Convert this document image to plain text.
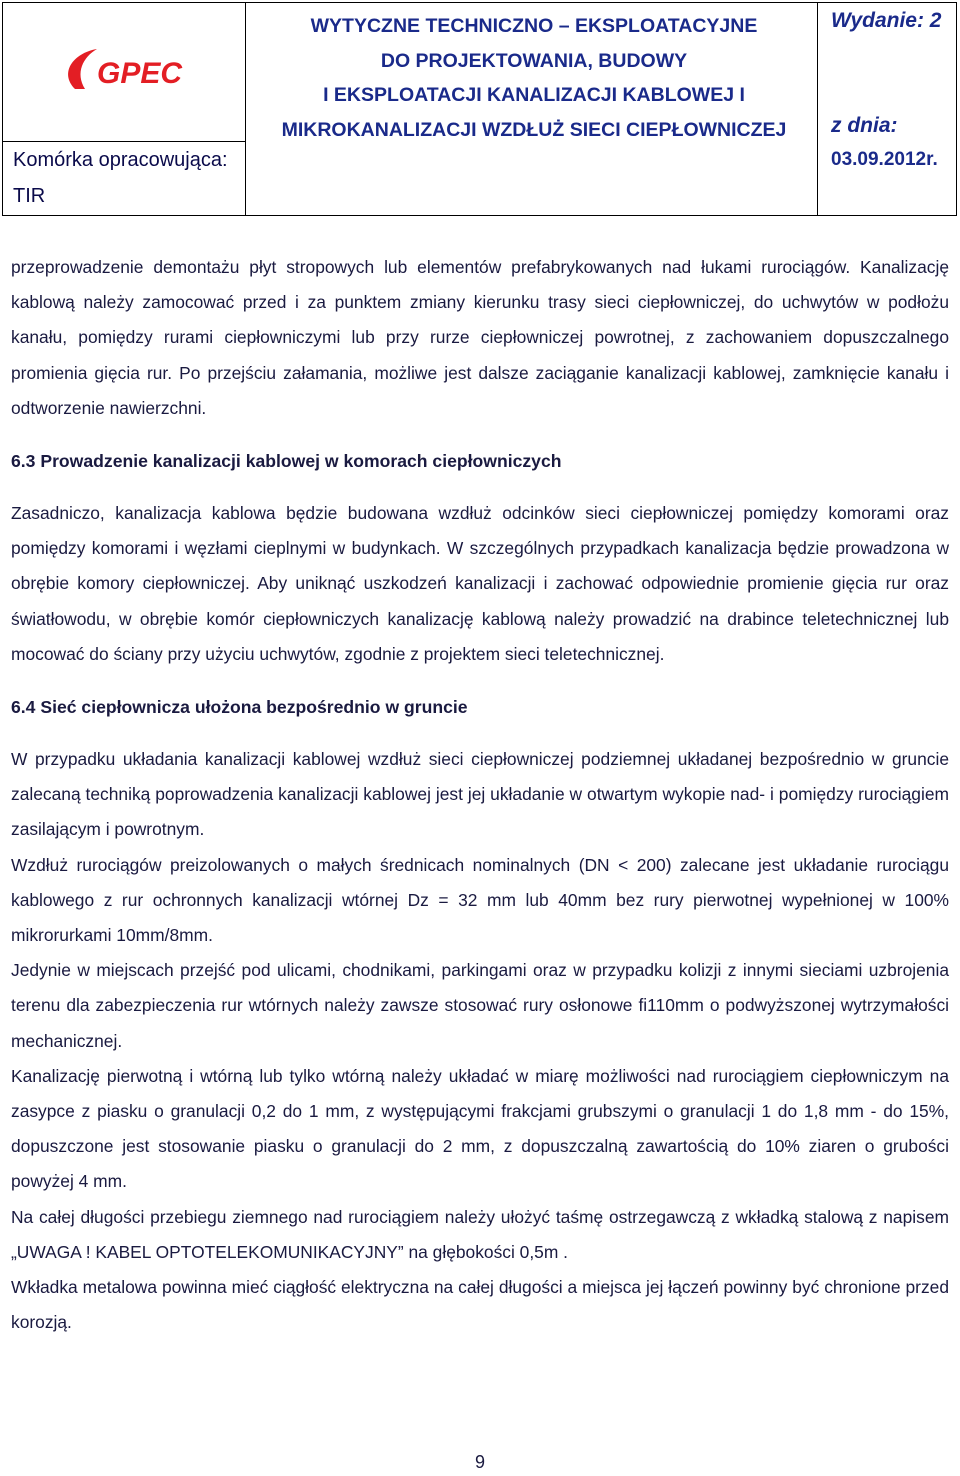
GPEC
Komórka opracowująca:
TIR
WYTYCZNE TECHNICZNO – EKSPLOATACYJNE
DO PROJEKTOWANIA, BUDOWY
I EKSPLOATACJI KANALIZACJI KABLOWEJ I
MIKROKANALIZACJI WZDŁUŻ SIECI CIEPŁOWNICZEJ
Wydanie: 2
z dnia:
03.09.2012r.

przeprowadzenie demontażu płyt stropowych lub elementów prefabrykowanych nad łukami rurociągów. Kanalizację kablową należy zamocować przed i za punktem zmiany kierunku trasy sieci ciepłowniczej, do uchwytów w podłożu kanału, pomiędzy rurami ciepłowniczymi lub przy rurze ciepłowniczej powrotnej, z zachowaniem dopuszczalnego promienia gięcia rur. Po przejściu załamania, możliwe jest dalsze zaciąganie kanalizacji kablowej, zamknięcie kanału i odtworzenie nawierzchni.

6.3 Prowadzenie kanalizacji kablowej w komorach ciepłowniczych

Zasadniczo, kanalizacja kablowa będzie budowana wzdłuż odcinków sieci ciepłowniczej pomiędzy komorami oraz pomiędzy komorami i węzłami cieplnymi w budynkach. W szczególnych przypadkach kanalizacja będzie prowadzona w obrębie komory ciepłowniczej. Aby uniknąć uszkodzeń kanalizacji i zachować odpowiednie promienie gięcia rur oraz światłowodu, w obrębie komór ciepłowniczych kanalizację kablową należy prowadzić na drabince teletechnicznej lub mocować do ściany przy użyciu uchwytów, zgodnie z projektem sieci teletechnicznej.

6.4 Sieć ciepłownicza ułożona bezpośrednio w gruncie

W przypadku układania kanalizacji kablowej wzdłuż sieci ciepłowniczej podziemnej układanej bezpośrednio w gruncie zalecaną techniką poprowadzenia kanalizacji kablowej jest jej układanie w otwartym wykopie nad- i pomiędzy rurociągiem zasilającym i powrotnym.

Wzdłuż rurociągów preizolowanych o małych średnicach nominalnych (DN < 200) zalecane jest układanie rurociągu kablowego z rur ochronnych kanalizacji wtórnej Dz = 32 mm lub 40mm bez rury pierwotnej wypełnionej w 100% mikrorurkami 10mm/8mm.

Jedynie w miejscach przejść pod ulicami, chodnikami, parkingami oraz w przypadku kolizji z innymi sieciami uzbrojenia terenu dla zabezpieczenia rur wtórnych należy zawsze stosować rury osłonowe fi110mm o podwyższonej wytrzymałości mechanicznej.

Kanalizację pierwotną i wtórną lub tylko wtórną należy układać w miarę możliwości nad rurociągiem ciepłowniczym na zasypce z piasku o granulacji 0,2 do 1 mm, z występującymi frakcjami grubszymi o granulacji 1 do 1,8 mm - do 15%, dopuszczone jest stosowanie piasku o granulacji do 2 mm, z dopuszczalną zawartością do 10% ziaren o grubości powyżej 4 mm.

Na całej długości przebiegu ziemnego nad rurociągiem należy ułożyć taśmę ostrzegawczą z wkładką stalową z napisem „UWAGA ! KABEL OPTOTELEKOMUNIKACYJNY” na głębokości 0,5m .

Wkładka metalowa powinna mieć ciągłość elektryczna na całej długości a miejsca jej łączeń powinny być chronione przed korozją.

9
